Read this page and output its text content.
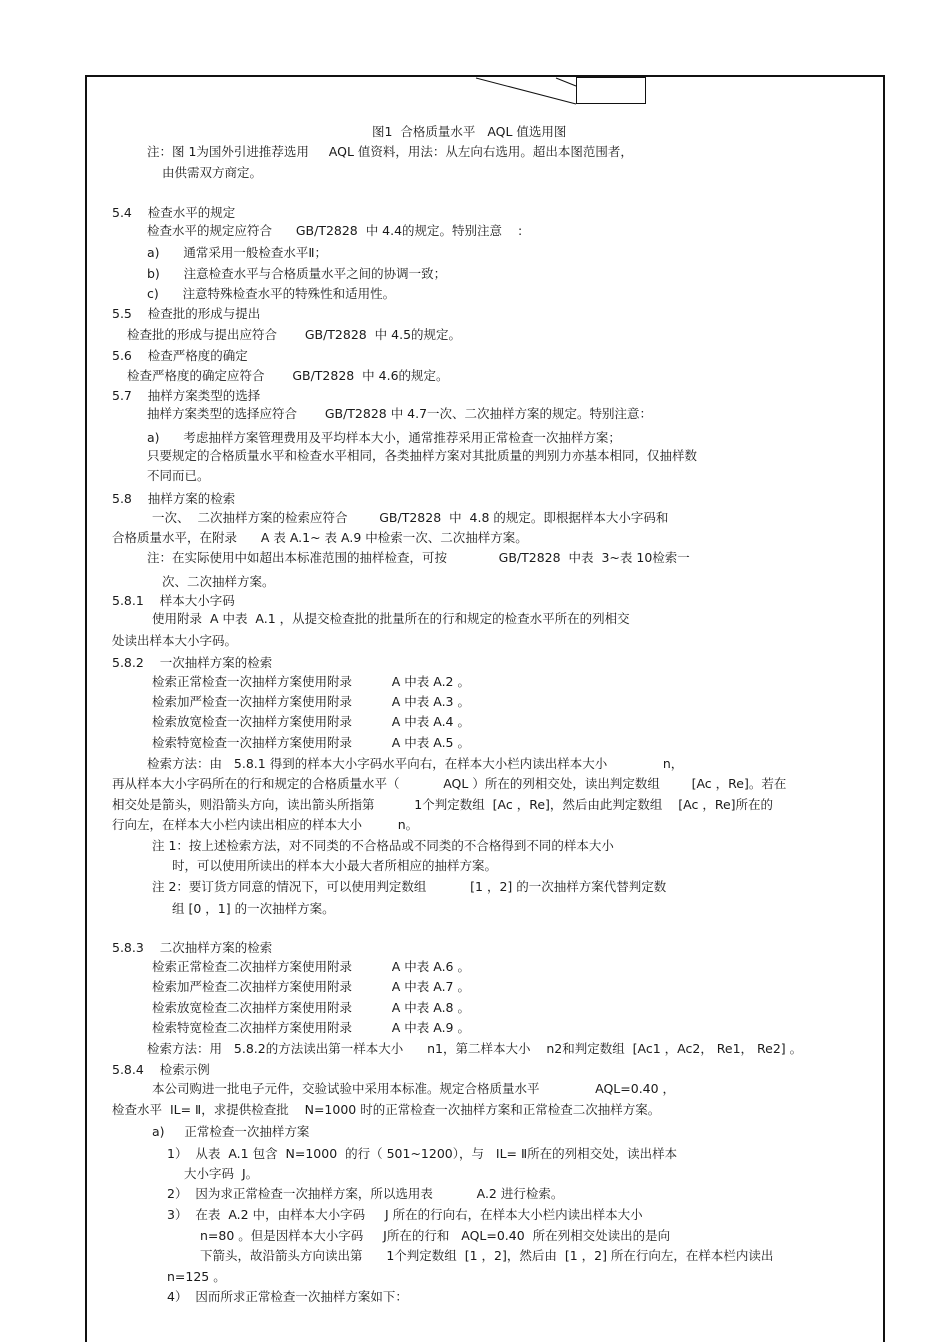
图1  合格质量水平   AQL 值选用图
注：图 1为国外引进推荐选用     AQL 值资料，用法：从左向右选用。超出本图范围者，
由供需双方商定。
5.4    检查水平的规定
检查水平的规定应符合      GB/T2828  中 4.4的规定。特别注意    :
a)      通常采用一般检查水平Ⅱ；
b)      注意检查水平与合格质量水平之间的协调一致；
c)      注意特殊检查水平的特殊性和适用性。
5.5    检查批的形成与提出
检查批的形成与提出应符合       GB/T2828  中 4.5的规定。
5.6    检查严格度的确定
检查严格度的确定应符合       GB/T2828  中 4.6的规定。
5.7    抽样方案类型的选择
抽样方案类型的选择应符合       GB/T2828 中 4.7一次、二次抽样方案的规定。特别注意：
a)      考虑抽样方案管理费用及平均样本大小，通常推荐采用正常检查一次抽样方案；
只要规定的合格质量水平和检查水平相同，各类抽样方案对其批质量的判别力亦基本相同，仅抽样数
不同而已。
5.8    抽样方案的检索
一次、  二次抽样方案的检索应符合        GB/T2828  中  4.8 的规定。即根据样本大小字码和
合格质量水平，在附录      A 表 A.1~ 表 A.9 中检索一次、二次抽样方案。
注：在实际使用中如超出本标准范围的抽样检查，可按             GB/T2828  中表  3~表 10检索一
次、二次抽样方案。
5.8.1    样本大小字码
使用附录  A 中表  A.1 ，从提交检查批的批量所在的行和规定的检查水平所在的列相交
处读出样本大小字码。
5.8.2    一次抽样方案的检索
检索正常检查一次抽样方案使用附录          A 中表 A.2 。
检索加严检查一次抽样方案使用附录          A 中表 A.3 。
检索放宽检查一次抽样方案使用附录          A 中表 A.4 。
检索特宽检查一次抽样方案使用附录          A 中表 A.5 。
检索方法：由   5.8.1 得到的样本大小字码水平向右，在样本大小栏内读出样本大小              n，
再从样本大小字码所在的行和规定的合格质量水平（           AQL ）所在的列相交处，读出判定数组        [Ac ，Re]。若在
相交处是箭头，则沿箭头方向，读出箭头所指第          1个判定数组  [Ac ，Re]，然后由此判定数组    [Ac ，Re]所在的
行向左，在样本大小栏内读出相应的样本大小         n。
注 1：按上述检索方法，对不同类的不合格品或不同类的不合格得到不同的样本大小
时，可以使用所读出的样本大小最大者所相应的抽样方案。
注 2：要订货方同意的情况下，可以使用判定数组           [1 ，2] 的一次抽样方案代替判定数
组 [0 ，1] 的一次抽样方案。
5.8.3    二次抽样方案的检索
检索正常检查二次抽样方案使用附录          A 中表 A.6 。
检索加严检查二次抽样方案使用附录          A 中表 A.7 。
检索放宽检查二次抽样方案使用附录          A 中表 A.8 。
检索特宽检查二次抽样方案使用附录          A 中表 A.9 。
检索方法：用   5.8.2的方法读出第一样本大小      n1，第二样本大小    n2和判定数组  [Ac1 ，Ac2， Re1， Re2] 。
5.8.4    检索示例
本公司购进一批电子元件，交验试验中采用本标准。规定合格质量水平              AQL=0.40 ，
检查水平  IL= Ⅱ，求提供检查批    N=1000 时的正常检查一次抽样方案和正常检查二次抽样方案。
a)     正常检查一次抽样方案
1）  从表  A.1 包含  N=1000  的行（ 501~1200），与   IL= Ⅱ所在的列相交处，读出样本
大小字码  J。
2）  因为求正常检查一次抽样方案，所以选用表           A.2 进行检索。
3）  在表  A.2 中，由样本大小字码     J 所在的行向右，在样本大小栏内读出样本大小
n=80 。但是因样本大小字码     J所在的行和   AQL=0.40  所在列相交处读出的是向
下箭头，故沿箭头方向读出第      1个判定数组  [1 ，2]，然后由  [1 ，2] 所在行向左，在样本栏内读出
n=125 。
4）  因而所求正常检查一次抽样方案如下：
